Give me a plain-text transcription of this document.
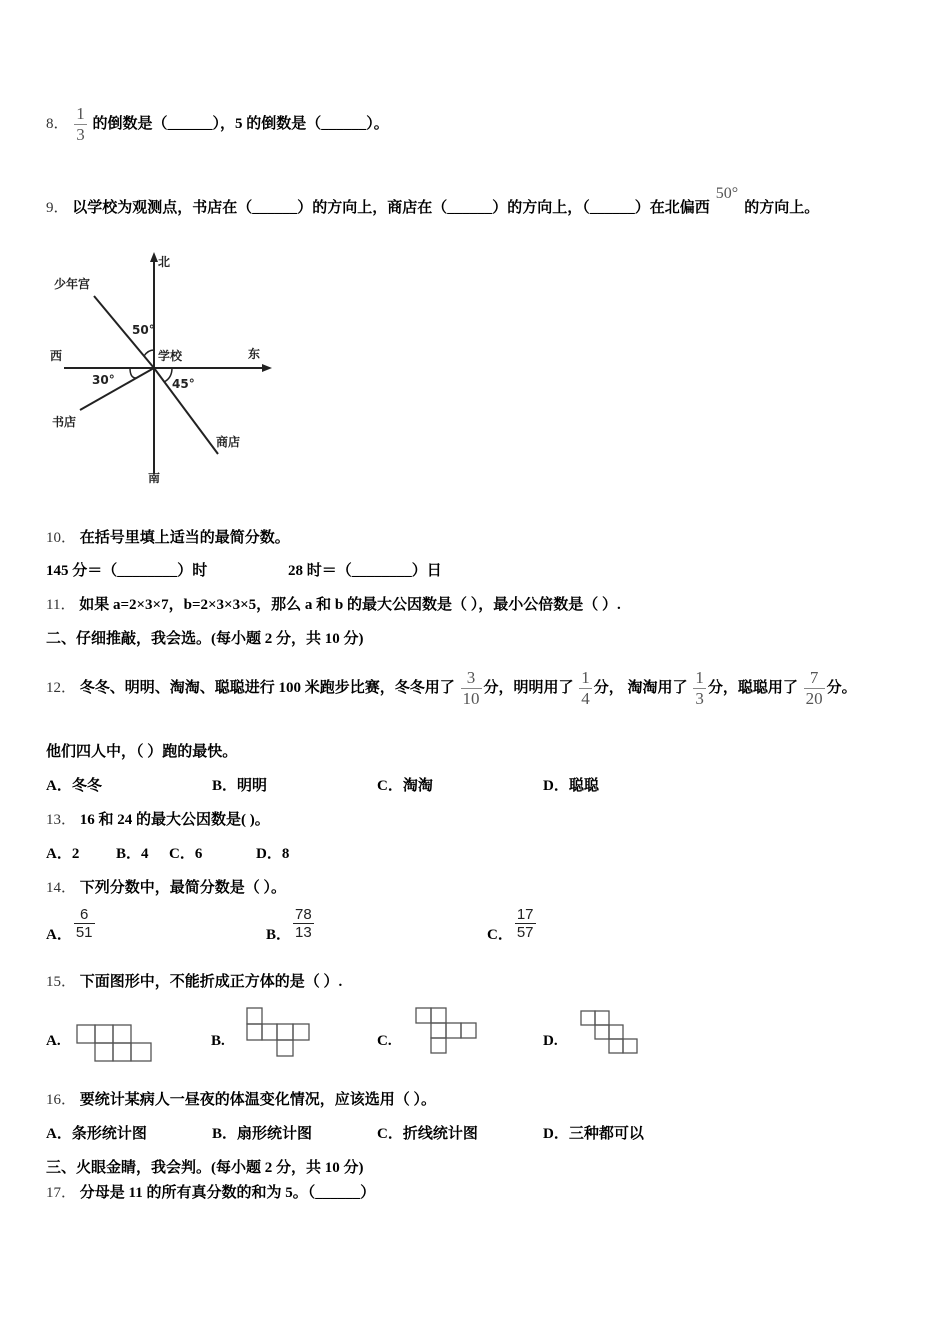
8． $\frac{1}{3}$ 的倒数是（______），5 的倒数是（______）。
9． 以学校为观测点，书店在（______）的方向上，商店在（______）的方向上，（______）在北偏西50°的方向上。
北
南
东
西	学校
少年宫
书店
商店
50°
30°	45°
10． 在括号里填上适当的最简分数。
145 分＝（________）时	28 时＝（________）日
11． 如果 a=2×3×7，b=2×3×3×5，那么 a 和 b 的最大公因数是（ ），最小公倍数是（ ）.
二、仔细推敲，我会选。(每小题 2 分，共 10 分)
12． 冬冬、明明、淘淘、聪聪进行 100 米跑步比赛，冬冬用了 $\frac{3}{10}$ 分，明明用了 $\frac{1}{4}$ 分， 淘淘用了 $\frac{1}{3}$ 分，聪聪用了 $\frac{7}{20}$ 分。
他们四人中，（ ）跑的最快。
A．冬冬	B．明明	C．淘淘	D．聪聪
13． 16 和 24 的最大公因数是( )。
A．2 B．4 C．6	D．8
14． 下列分数中，最简分数是（ ）。
A． $\frac{6}{51}$	B． $\frac{78}{13}$	C． $\frac{17}{57}$
15． 下面图形中，不能折成正方体的是（ ）.
A.	B.	C.	D.
16． 要统计某病人一昼夜的体温变化情况，应该选用（ ）。
A．条形统计图	B．扇形统计图	C．折线统计图	D．三种都可以
三、火眼金睛，我会判。(每小题 2 分，共 10 分)
17． 分母是 11 的所有真分数的和为 5。（______）
